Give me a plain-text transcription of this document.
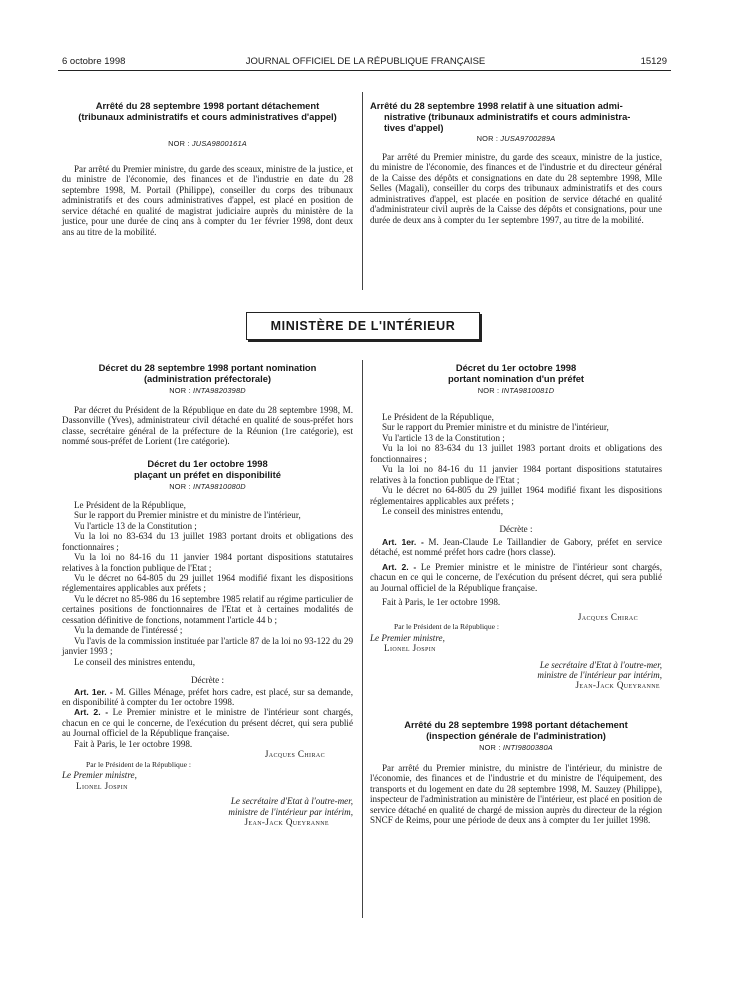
6 octobre 1998	JOURNAL OFFICIEL DE LA RÉPUBLIQUE FRANÇAISE	15129

Arrêté du 28 septembre 1998 portant détachement

(tribunaux administratifs et cours administratives d'appel)

NOR : JUSA9800161A

Par arrêté du Premier ministre, du garde des sceaux, ministre de la justice, et du ministre de l'économie, des finances et de l'industrie en date du 28 septembre 1998, M. Portail (Philippe), conseiller du corps des tribunaux administratifs et des cours administratives d'appel, est placé en position de service détaché en qualité de magistrat judiciaire auprès du ministère de la justice, pour une durée de cinq ans à compter du 1er février 1998, dont deux ans au titre de la mobilité.

Arrêté du 28 septembre 1998 relatif à une situation admi-

nistrative (tribunaux administratifs et cours administra-

tives d'appel)

NOR : JUSA9700289A

Par arrêté du Premier ministre, du garde des sceaux, ministre de la justice, du ministre de l'économie, des finances et de l'industrie et du directeur général de la Caisse des dépôts et consignations en date du 28 septembre 1998, Mlle Selles (Magali), conseiller du corps des tribunaux administratifs et des cours administratives d'appel, est placée en position de service détaché en qualité d'administrateur civil auprès de la Caisse des dépôts et consignations, pour une durée de deux ans à compter du 1er septembre 1997, au titre de la mobilité.

MINISTÈRE DE L'INTÉRIEUR

Décret du 28 septembre 1998 portant nomination

(administration préfectorale)

NOR : INTA9820398D

Par décret du Président de la République en date du 28 septembre 1998, M. Dassonville (Yves), administrateur civil détaché en qualité de sous-préfet hors classe, secrétaire général de la préfecture de la Réunion (1re catégorie), est nommé sous-préfet de Lorient (1re catégorie).

Décret du 1er octobre 1998

plaçant un préfet en disponibilité

NOR : INTA9810080D

Le Président de la République,

Sur le rapport du Premier ministre et du ministre de l'intérieur,

Vu l'article 13 de la Constitution ;

Vu la loi no 83-634 du 13 juillet 1983 portant droits et obligations des fonctionnaires ;

Vu la loi no 84-16 du 11 janvier 1984 portant dispositions statutaires relatives à la fonction publique de l'Etat ;

Vu le décret no 64-805 du 29 juillet 1964 modifié fixant les dispositions réglementaires applicables aux préfets ;

Vu le décret no 85-986 du 16 septembre 1985 relatif au régime particulier de certaines positions de fonctionnaires de l'Etat et à certaines modalités de cessation définitive de fonctions, notamment l'article 44 b ;

Vu la demande de l'intéressé ;

Vu l'avis de la commission instituée par l'article 87 de la loi no 93-122 du 29 janvier 1993 ;

Le conseil des ministres entendu,

Décrète :

Art. 1er. - M. Gilles Ménage, préfet hors cadre, est placé, sur sa demande, en disponibilité à compter du 1er octobre 1998.

Art. 2. - Le Premier ministre et le ministre de l'intérieur sont chargés, chacun en ce qui le concerne, de l'exécution du présent décret, qui sera publié au Journal officiel de la République française.

Fait à Paris, le 1er octobre 1998.

Jacques Chirac

Par le Président de la République :

Le Premier ministre,

Lionel Jospin

Le secrétaire d'Etat à l'outre-mer,

ministre de l'intérieur par intérim,

Jean-Jack Queyranne

Décret du 1er octobre 1998

portant nomination d'un préfet

NOR : INTA9810081D

Le Président de la République,

Sur le rapport du Premier ministre et du ministre de l'intérieur,

Vu l'article 13 de la Constitution ;

Vu la loi no 83-634 du 13 juillet 1983 portant droits et obligations des fonctionnaires ;

Vu la loi no 84-16 du 11 janvier 1984 portant dispositions statutaires relatives à la fonction publique de l'Etat ;

Vu le décret no 64-805 du 29 juillet 1964 modifié fixant les dispositions réglementaires applicables aux préfets ;

Le conseil des ministres entendu,

Décrète :

Art. 1er. - M. Jean-Claude Le Taillandier de Gabory, préfet en service détaché, est nommé préfet hors cadre (hors classe).

Art. 2. - Le Premier ministre et le ministre de l'intérieur sont chargés, chacun en ce qui le concerne, de l'exécution du présent décret, qui sera publié au Journal officiel de la République française.

Fait à Paris, le 1er octobre 1998.

Jacques Chirac

Par le Président de la République :

Le Premier ministre,

Lionel Jospin

Le secrétaire d'Etat à l'outre-mer,

ministre de l'intérieur par intérim,

Jean-Jack Queyranne

Arrêté du 28 septembre 1998 portant détachement

(inspection générale de l'administration)

NOR : INTI9800380A

Par arrêté du Premier ministre, du ministre de l'intérieur, du ministre de l'économie, des finances et de l'industrie et du ministre de l'équipement, des transports et du logement en date du 28 septembre 1998, M. Sauzey (Philippe), inspecteur de l'administration au ministère de l'intérieur, est placé en position de service détaché en qualité de chargé de mission auprès du directeur de la région SNCF de Reims, pour une période de deux ans à compter du 1er juillet 1998.
